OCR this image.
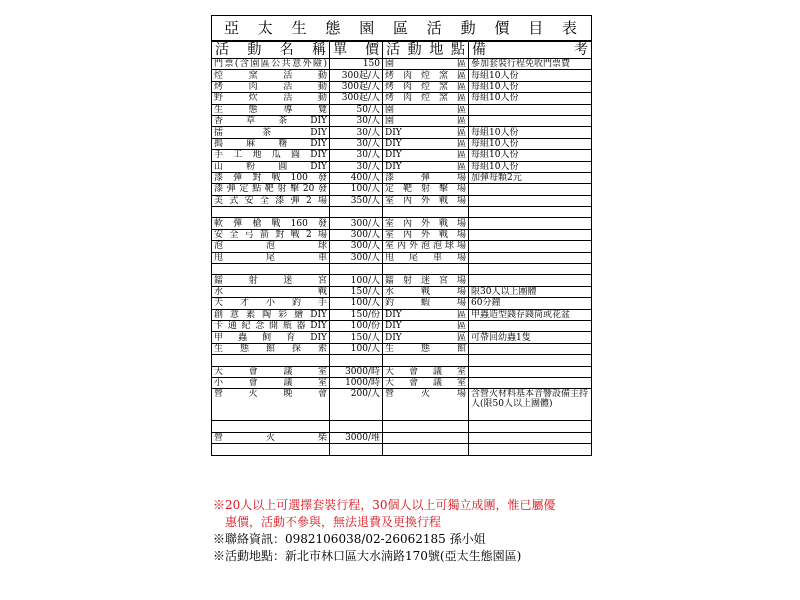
亞太生態園區活動價目表			
活動名稱	單價	活動地點	備考
門票(含園區公共意外險)	150	園區	參加套裝行程免收門票費
焢窯活動	300起/人	烤肉焢窯區	每組10人份
烤肉活動	300起/人	烤肉焢窯區	每組10人份
野炊活動	300起/人	烤肉焢窯區	每組10人份
生態導覽	50/人	園區	
香草茶DIY	30/人	園區	
擂茶DIY	30/人	DIY區	每組10人份
搗麻糬DIY	30/人	DIY區	每組10人份
手工地瓜圓DIY	30/人	DIY區	每組10人份
山粉圓DIY	30/人	DIY區	每組10人份
漆彈對戰100發	400/人	漆彈場	加彈每顆2元
漆彈定點靶射擊20發	100/人	定靶射擊場	
美式安全漆彈2場	350/人	室內外戰場	

軟彈槍戰160發	300/人	室內外戰場	
安全弓箭對戰2場	300/人	室內外戰場	
泡泡球	300/人	室內外泡泡球場	
甩尾車	300/人	甩尾車場	

鐳射迷宮	100/人	鐳射迷宮場	
水戰	150/人	水戰場	限30人以上團體
天才小釣手	100/人	釣蝦場	60分鐘
創意素陶彩繪DIY	150/份	DIY區	甲蟲造型錢存錢筒或花盆
卡通紀念開瓶器DIY	100/份	DIY區	
甲蟲飼育DIY	150/人	DIY區	可帶回幼蟲1隻
生態館探索	100/人	生態館	

大會議室	3000/時	大會議室	
小會議室	1000/時	大會議室	
營火晚會	200/人	營火場	含營火材料基本音響設備主持人(限50人以上團體)

營火柴	3000/堆		

※20人以上可選擇套裝行程，30個人以上可獨立成團，惟已屬優
惠價，活動不參與，無法退費及更換行程
※聯絡資訊：0982106038/02-26062185 孫小姐
※活動地點：新北市林口區大水湳路170號(亞太生態園區)
